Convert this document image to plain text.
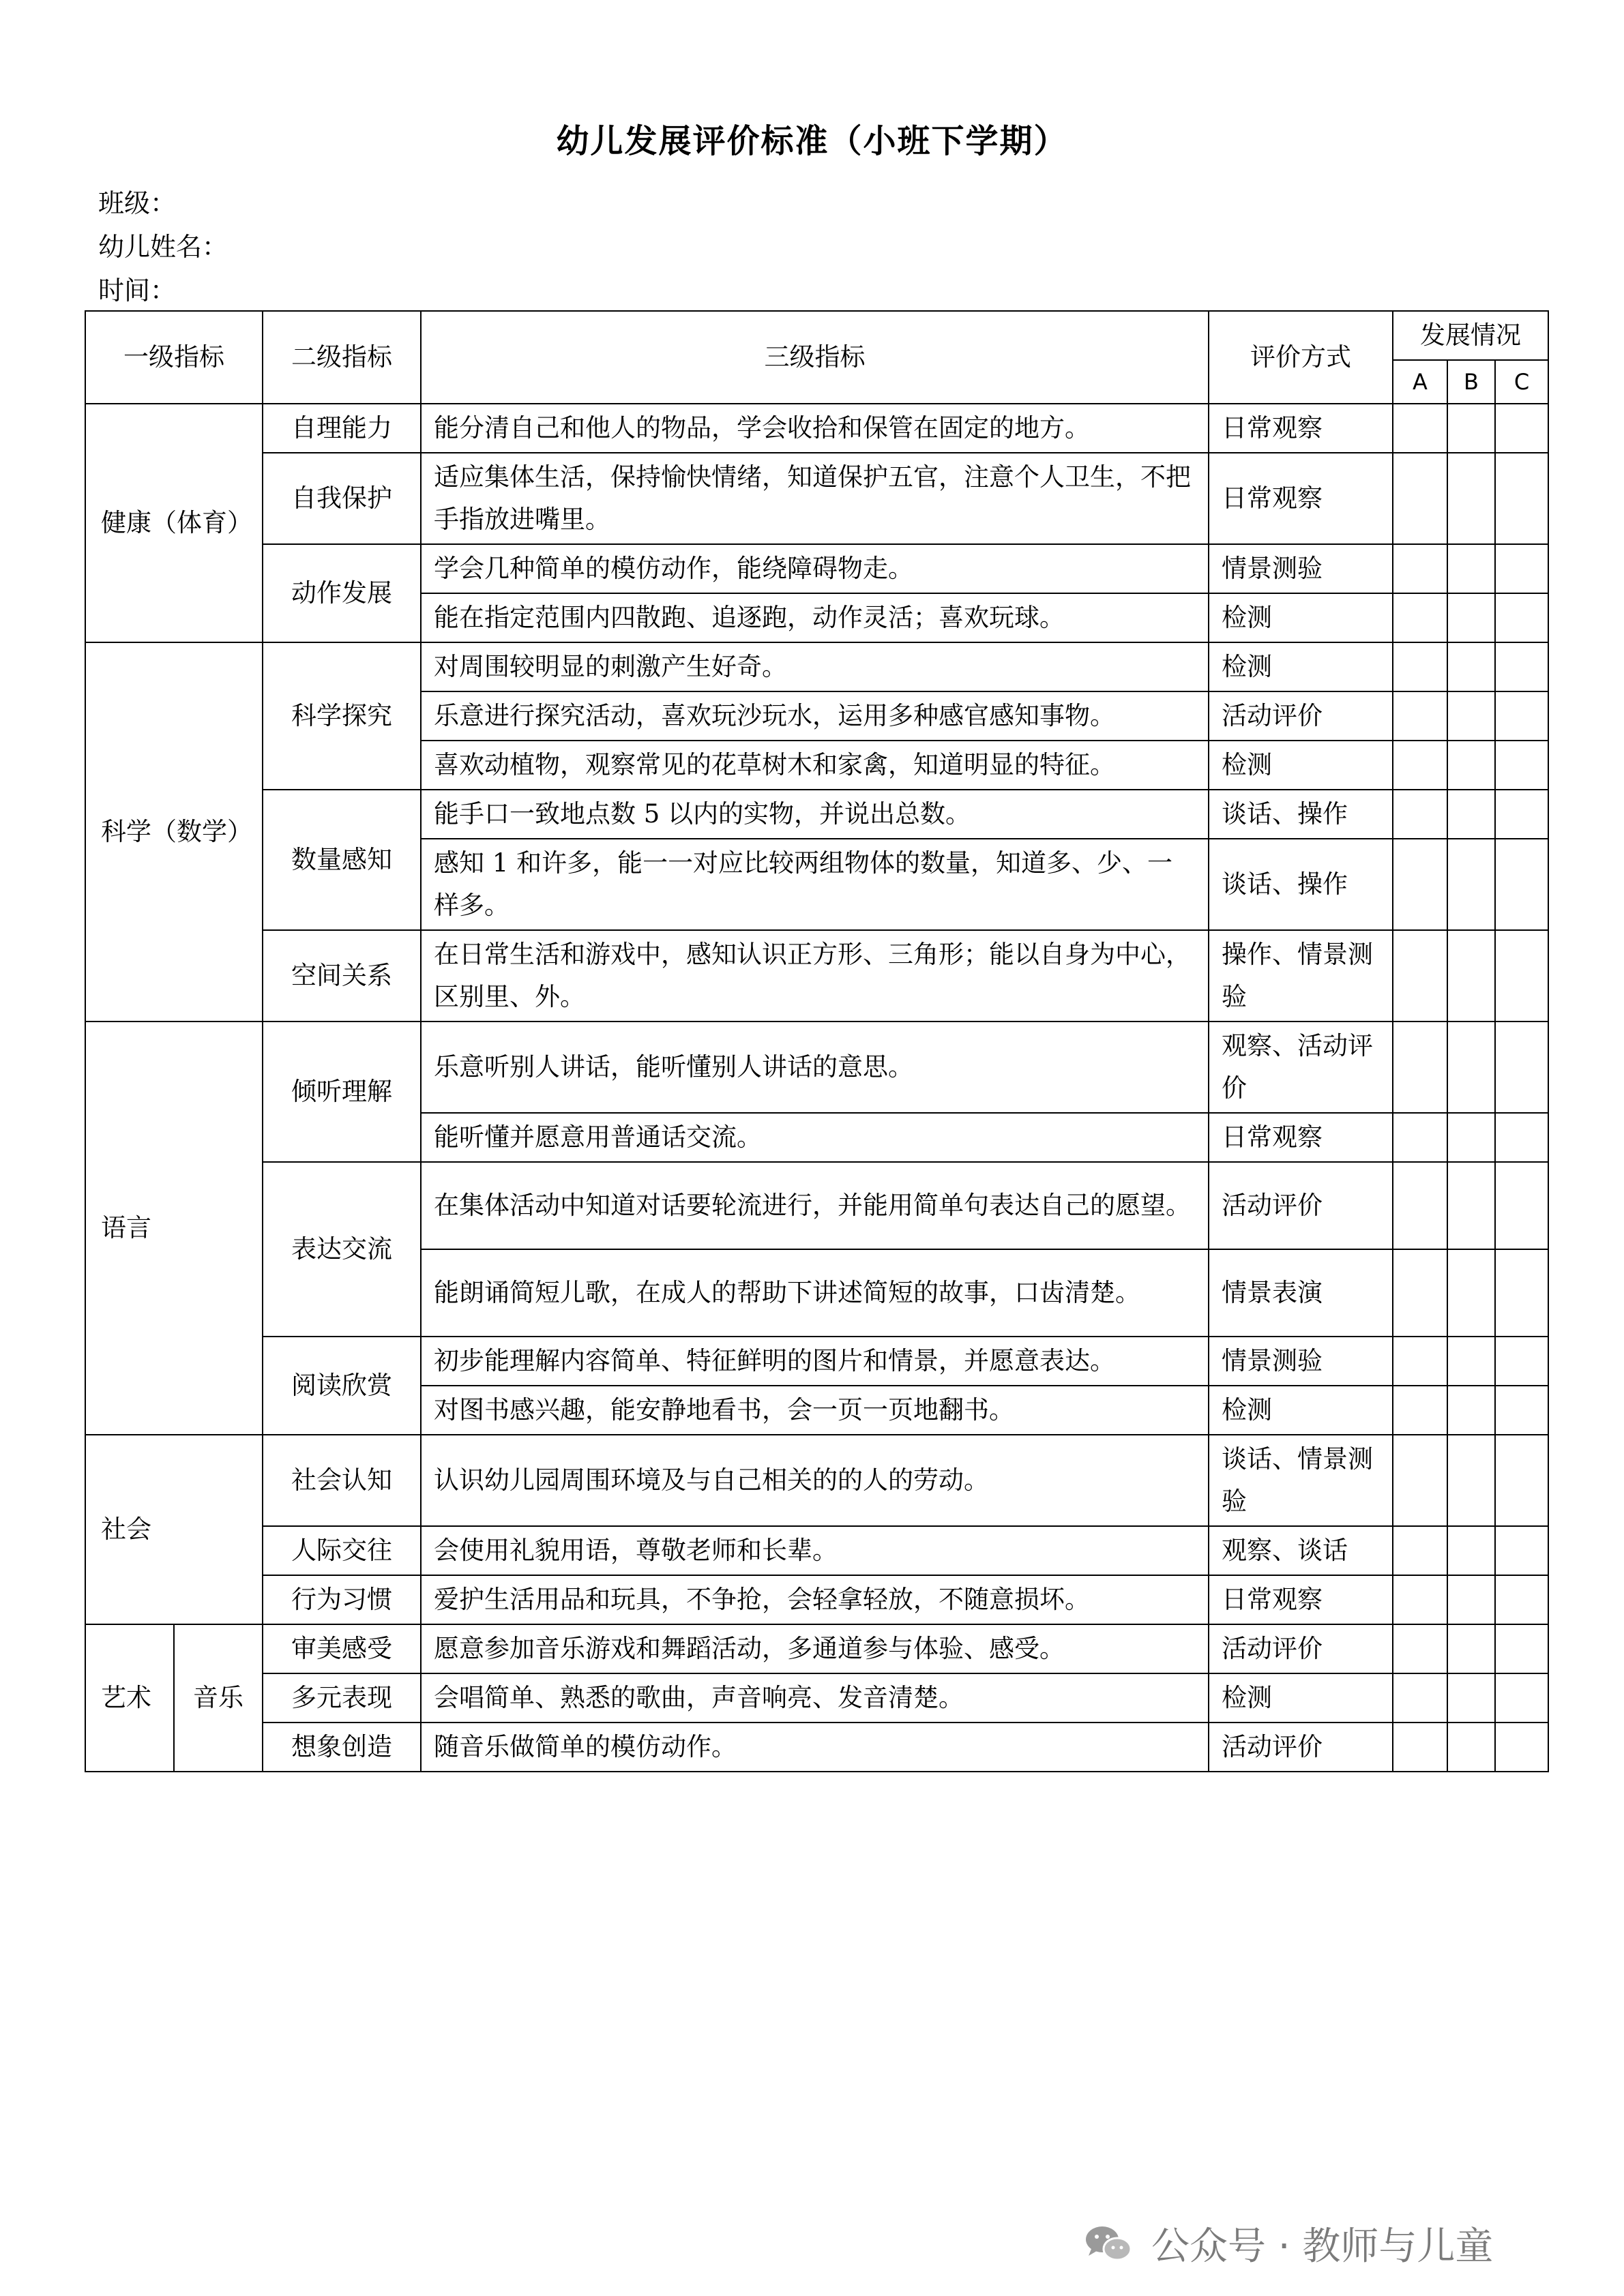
幼儿发展评价标准（小班下学期）
班级：
幼儿姓名：
时间：
一级指标		二级指标	三级指标	评价方式	发展情况		
					A	B	C
健康（体育）		自理能力	能分清自己和他人的物品，学会收拾和保管在固定的地方。	日常观察			
		自我保护	适应集体生活，保持愉快情绪，知道保护五官，注意个人卫生，不把手指放进嘴里。	日常观察			
		动作发展	学会几种简单的模仿动作，能绕障碍物走。	情景测验			
			能在指定范围内四散跑、追逐跑，动作灵活；喜欢玩球。	检测			
科学（数学）		科学探究	对周围较明显的刺激产生好奇。	检测			
			乐意进行探究活动，喜欢玩沙玩水，运用多种感官感知事物。	活动评价			
			喜欢动植物，观察常见的花草树木和家禽，知道明显的特征。	检测			
		数量感知	能手口一致地点数 5 以内的实物，并说出总数。	谈话、操作			
			感知 1 和许多，能一一对应比较两组物体的数量，知道多、少、一样多。	谈话、操作			
		空间关系	在日常生活和游戏中，感知认识正方形、三角形；能以自身为中心，区别里、外。	操作、情景测验			
语言		倾听理解	乐意听别人讲话，能听懂别人讲话的意思。	观察、活动评价			
			能听懂并愿意用普通话交流。	日常观察			
		表达交流	在集体活动中知道对话要轮流进行，并能用简单句表达自己的愿望。	活动评价			
			能朗诵简短儿歌，在成人的帮助下讲述简短的故事，口齿清楚。	情景表演			
		阅读欣赏	初步能理解内容简单、特征鲜明的图片和情景，并愿意表达。	情景测验			
			对图书感兴趣，能安静地看书，会一页一页地翻书。	检测			
社会		社会认知	认识幼儿园周围环境及与自己相关的的人的劳动。	谈话、情景测验			
		人际交往	会使用礼貌用语，尊敬老师和长辈。	观察、谈话			
		行为习惯	爱护生活用品和玩具，不争抢，会轻拿轻放，不随意损坏。	日常观察			
艺术	音乐	审美感受	愿意参加音乐游戏和舞蹈活动，多通道参与体验、感受。	活动评价			
		多元表现	会唱简单、熟悉的歌曲，声音响亮、发音清楚。	检测			
		想象创造	随音乐做简单的模仿动作。	活动评价			
公众号 · 教师与儿童
